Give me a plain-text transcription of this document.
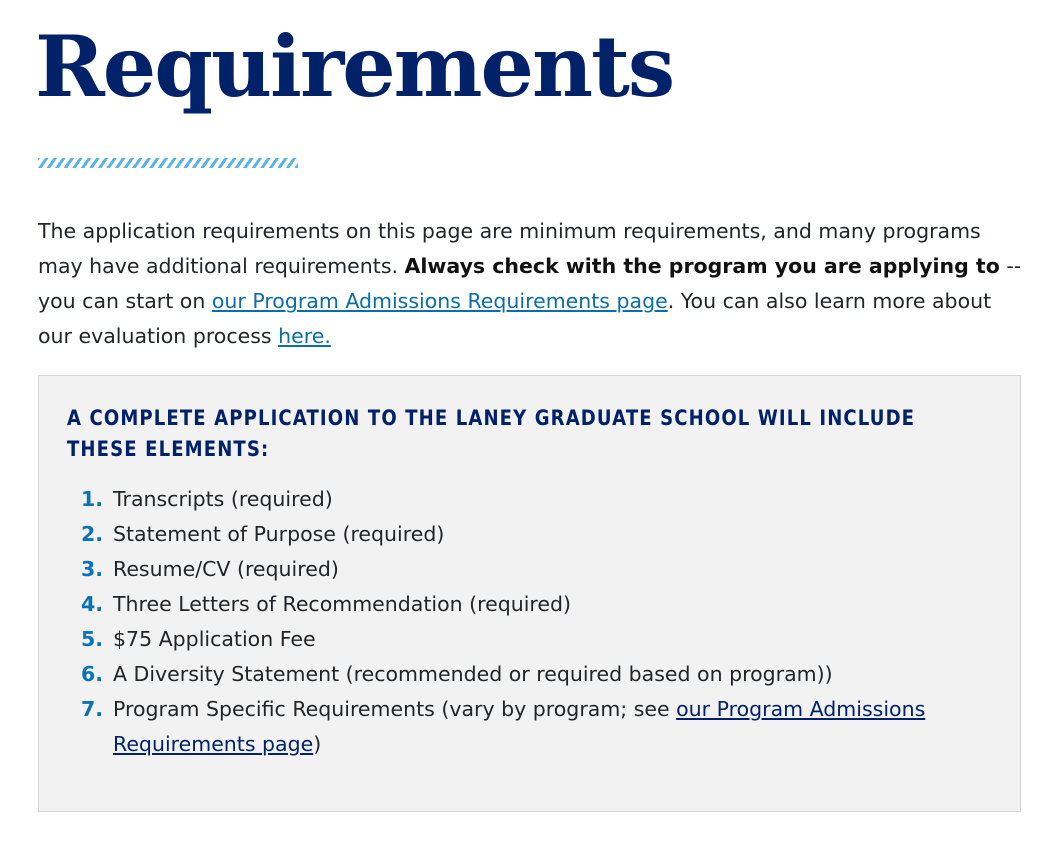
Requirements

The application requirements on this page are minimum requirements, and many programs may have additional requirements. Always check with the program you are applying to -- you can start on our Program Admissions Requirements page. You can also learn more about our evaluation process here.

A COMPLETE APPLICATION TO THE LANEY GRADUATE SCHOOL WILL INCLUDE THESE ELEMENTS:
1. Transcripts (required)
2. Statement of Purpose (required)
3. Resume/CV (required)
4. Three Letters of Recommendation (required)
5. $75 Application Fee
6. A Diversity Statement (recommended or required based on program))
7. Program Specific Requirements (vary by program; see our Program Admissions Requirements page)
